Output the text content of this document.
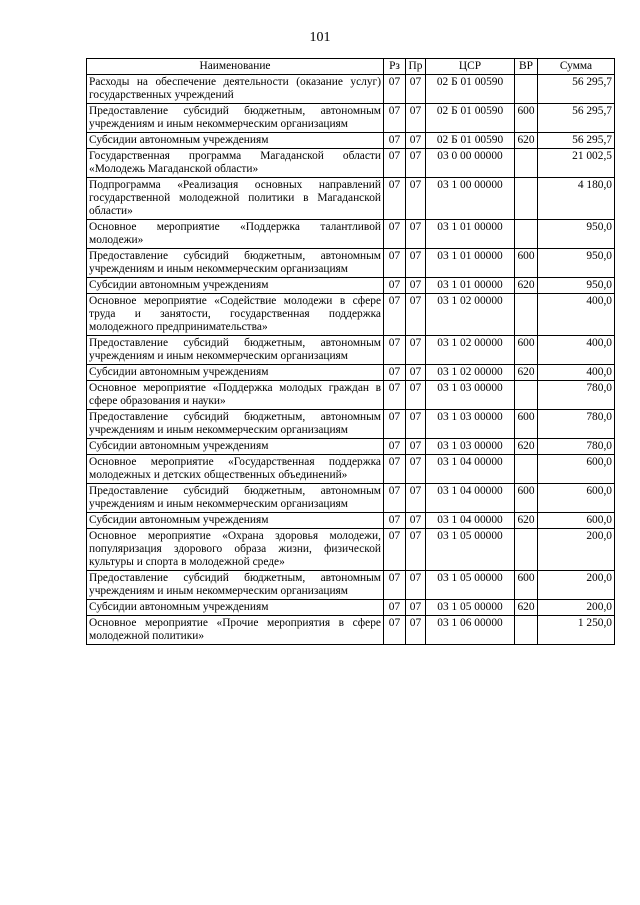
101
Наименование	Рз	Пр	ЦСР	ВР	Сумма
Расходы на обеспечение деятельности (оказание услуг) государственных учреждений	07	07	02 Б 01 00590		56 295,7
Предоставление субсидий бюджетным, автономным учреждениям и иным некоммерческим организациям	07	07	02 Б 01 00590	600	56 295,7
Субсидии автономным учреждениям	07	07	02 Б 01 00590	620	56 295,7
Государственная программа Магаданской области «Молодежь Магаданской области»	07	07	03 0 00 00000		21 002,5
Подпрограмма «Реализация основных направлений государственной молодежной политики в Магаданской области»	07	07	03 1 00 00000		4 180,0
Основное мероприятие «Поддержка талантливой молодежи»	07	07	03 1 01 00000		950,0
Предоставление субсидий бюджетным, автономным учреждениям и иным некоммерческим организациям	07	07	03 1 01 00000	600	950,0
Субсидии автономным учреждениям	07	07	03 1 01 00000	620	950,0
Основное мероприятие «Содействие молодежи в сфере труда и занятости, государственная поддержка молодежного предпринимательства»	07	07	03 1 02 00000		400,0
Предоставление субсидий бюджетным, автономным учреждениям и иным некоммерческим организациям	07	07	03 1 02 00000	600	400,0
Субсидии автономным учреждениям	07	07	03 1 02 00000	620	400,0
Основное мероприятие «Поддержка молодых граждан в сфере образования и науки»	07	07	03 1 03 00000		780,0
Предоставление субсидий бюджетным, автономным учреждениям и иным некоммерческим организациям	07	07	03 1 03 00000	600	780,0
Субсидии автономным учреждениям	07	07	03 1 03 00000	620	780,0
Основное мероприятие «Государственная поддержка молодежных и детских общественных объединений»	07	07	03 1 04 00000		600,0
Предоставление субсидий бюджетным, автономным учреждениям и иным некоммерческим организациям	07	07	03 1 04 00000	600	600,0
Субсидии автономным учреждениям	07	07	03 1 04 00000	620	600,0
Основное мероприятие «Охрана здоровья молодежи, популяризация здорового образа жизни, физической культуры и спорта в молодежной среде»	07	07	03 1 05 00000		200,0
Предоставление субсидий бюджетным, автономным учреждениям и иным некоммерческим организациям	07	07	03 1 05 00000	600	200,0
Субсидии автономным учреждениям	07	07	03 1 05 00000	620	200,0
Основное мероприятие «Прочие мероприятия в сфере молодежной политики»	07	07	03 1 06 00000		1 250,0
